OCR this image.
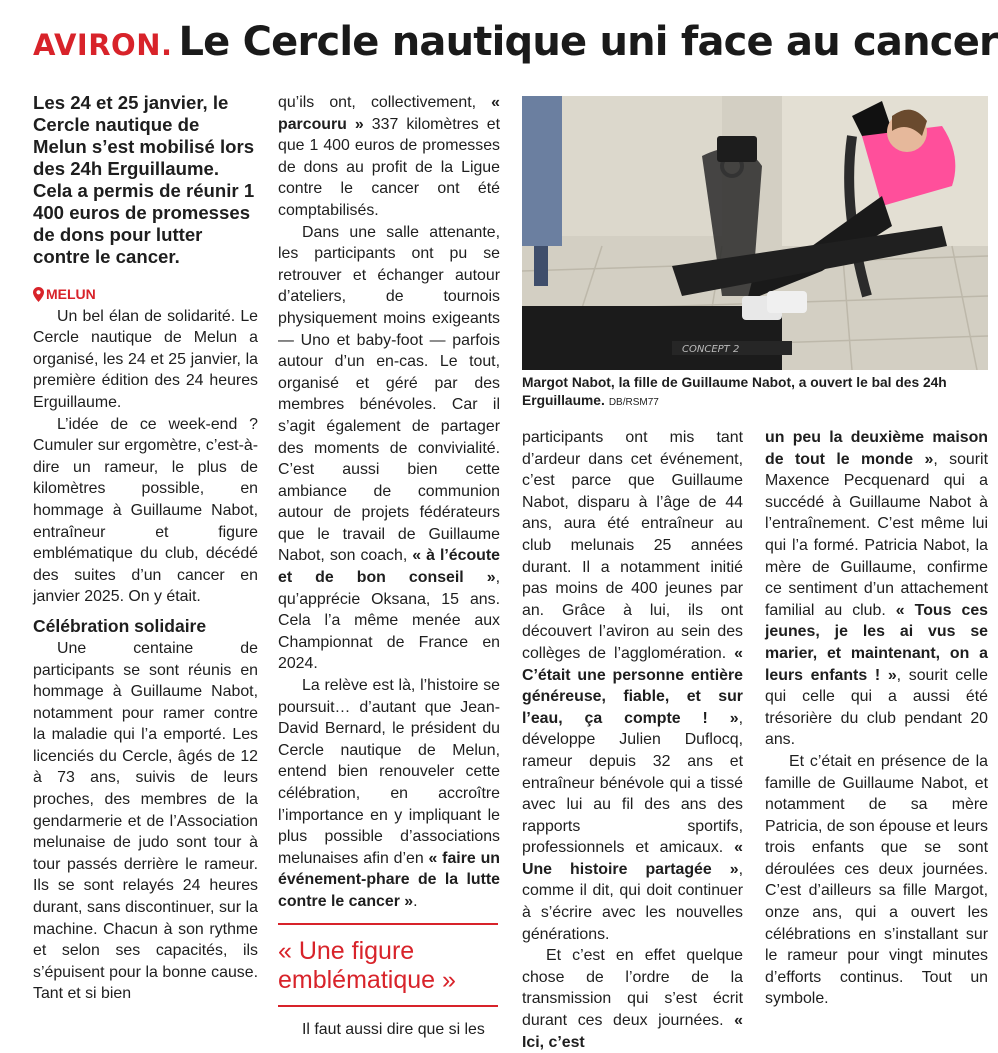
AVIRON. Le Cercle nautique uni face au cancer

Les 24 et 25 janvier, le Cercle nautique de Melun s’est mobilisé lors des 24h Erguillaume. Cela a permis de réunir 1 400 euros de promesses de dons pour lutter contre le cancer.

MELUN

Un bel élan de solidarité. Le Cercle nautique de Melun a organisé, les 24 et 25 janvier, la première édition des 24 heures Erguillaume.

L’idée de ce week-end ? Cumuler sur ergomètre, c’est-à-dire un rameur, le plus de kilomètres possible, en hommage à Guillaume Nabot, entraîneur et figure emblématique du club, décédé des suites d’un cancer en janvier 2025. On y était.

Célébration solidaire

Une centaine de participants se sont réunis en hommage à Guillaume Nabot, notamment pour ramer contre la maladie qui l’a emporté. Les licenciés du Cercle, âgés de 12 à 73 ans, suivis de leurs proches, des membres de la gendarmerie et de l’Association melunaise de judo sont tour à tour passés derrière le rameur. Ils se sont relayés 24 heures durant, sans discontinuer, sur la machine. Chacun à son rythme et selon ses capacités, ils s’épuisent pour la bonne cause. Tant et si bien

qu’ils ont, collectivement, « parcouru » 337 kilomètres et que 1 400 euros de promesses de dons au profit de la Ligue contre le cancer ont été comptabilisés.

Dans une salle attenante, les participants ont pu se retrouver et échanger autour d’ateliers, de tournois physiquement moins exigeants — Uno et baby-foot — parfois autour d’un en-cas. Le tout, organisé et géré par des membres bénévoles. Car il s’agit également de partager des moments de convivialité. C’est aussi bien cette ambiance de communion autour de projets fédérateurs que le travail de Guillaume Nabot, son coach, « à l’écoute et de bon conseil », qu’apprécie Oksana, 15 ans. Cela l’a même menée aux Championnat de France en 2024.

La relève est là, l’histoire se poursuit… d’autant que Jean-David Bernard, le président du Cercle nautique de Melun, entend bien renouveler cette célébration, en accroître l’importance en y impliquant le plus possible d’associations melunaises afin d’en « faire un événement-phare de la lutte contre le cancer ».

« Une figure emblématique »

Il faut aussi dire que si les

CONCEPT 2
Margot Nabot, la fille de Guillaume Nabot, a ouvert le bal des 24h Erguillaume. DB/RSM77

participants ont mis tant d’ardeur dans cet événement, c’est parce que Guillaume Nabot, disparu à l’âge de 44 ans, aura été entraîneur au club melunais 25 années durant. Il a notamment initié pas moins de 400 jeunes par an. Grâce à lui, ils ont découvert l’aviron au sein des collèges de l’agglomération. « C’était une personne entière généreuse, fiable, et sur l’eau, ça compte ! », développe Julien Duflocq, rameur depuis 32 ans et entraîneur bénévole qui a tissé avec lui au fil des ans des rapports sportifs, professionnels et amicaux. « Une histoire partagée », comme il dit, qui doit continuer à s’écrire avec les nouvelles générations.

Et c’est en effet quelque chose de l’ordre de la transmission qui s’est écrit durant ces deux journées. « Ici, c’est

un peu la deuxième maison de tout le monde », sourit Maxence Pecquenard qui a succédé à Guillaume Nabot à l’entraînement. C’est même lui qui l’a formé. Patricia Nabot, la mère de Guillaume, confirme ce sentiment d’un attachement familial au club. « Tous ces jeunes, je les ai vus se marier, et maintenant, on a leurs enfants ! », sourit celle qui celle qui a aussi été trésorière du club pendant 20 ans.

Et c’était en présence de la famille de Guillaume Nabot, et notamment de sa mère Patricia, de son épouse et leurs trois enfants que se sont déroulées ces deux journées. C’est d’ailleurs sa fille Margot, onze ans, qui a ouvert les célébrations en s’installant sur le rameur pour vingt minutes d’efforts continus. Tout un symbole.
